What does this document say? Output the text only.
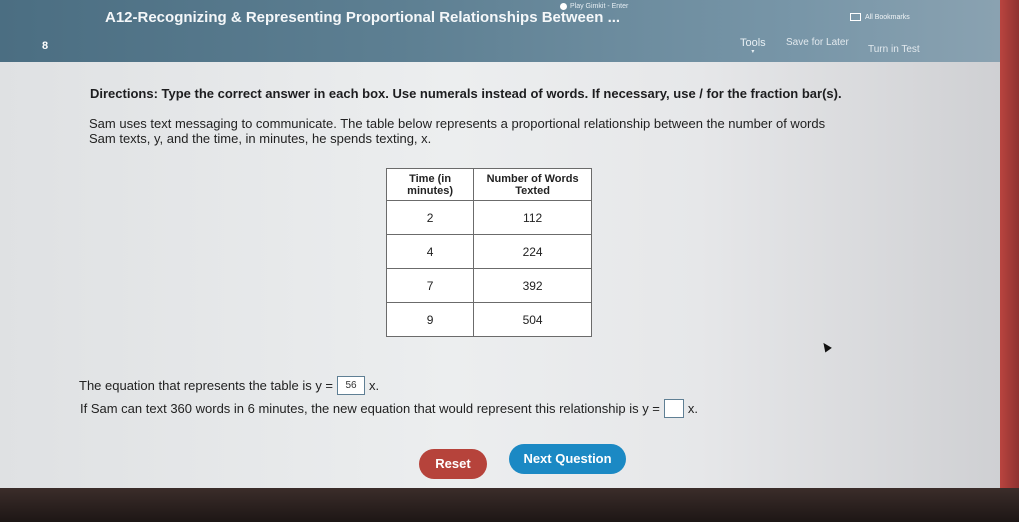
Play Gimkit - Enter
All Bookmarks
A12-Recognizing & Representing Proportional Relationships Between ...
8	Tools
▾
Save for Later
Turn in Test
Directions: Type the correct answer in each box. Use numerals instead of words. If necessary, use / for the fraction bar(s).
Sam uses text messaging to communicate. The table below represents a proportional relationship between the number of words
Sam texts, y, and the time, in minutes, he spends texting, x.
Time (in minutes)	Number of Words Texted
2	112
4	224
7	392
9	504
The equation that represents the table is y =	56 x.
If Sam can text 360 words in 6 minutes, the new equation that would represent this relationship is y = x.
Reset	Next Question
